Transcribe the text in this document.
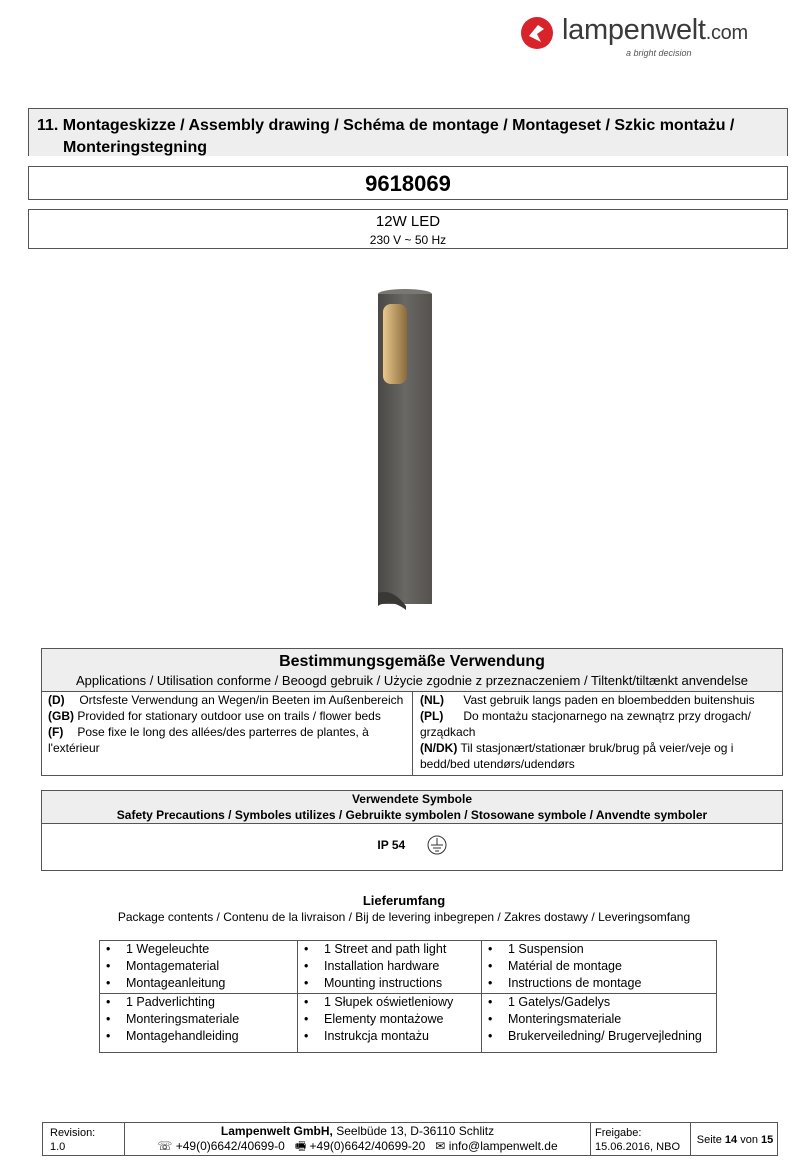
lampenwelt.com
a bright decision
11. Montageskizze / Assembly drawing / Schéma de montage / Montageset / Szkic montażu /
Monteringstegning
9618069
12W LED
230 V ~ 50 Hz
Bestimmungsgemäße Verwendung
Applications / Utilisation conforme / Beoogd gebruik / Użycie zgodnie z przeznaczeniem / Tiltenkt/tiltænkt anvendelse
(D) Ortsfeste Verwendung an Wegen/in Beeten im Außenbereich
(GB) Provided for stationary outdoor use on trails / flower beds
(F) Pose fixe le long des allées/des parterres de plantes, à l'extérieur
(NL) Vast gebruik langs paden en bloembedden buitenshuis
(PL) Do montażu stacjonarnego na zewnątrz przy drogach/ grządkach
(N/DK) Til stasjonært/stationær bruk/brug på veier/veje og i bedd/bed utendørs/udendørs
Verwendete Symbole
Safety Precautions / Symboles utilizes / Gebruikte symbolen / Stosowane symbole / Anvendte symboler
IP 54
Lieferumfang
Package contents / Contenu de la livraison / Bij de levering inbegrepen / Zakres dostawy / Leveringsomfang
• 1 Wegeleuchte
• Montagematerial
• Montageanleitung
• 1 Street and path light
• Installation hardware
• Mounting instructions
• 1 Suspension
• Matérial de montage
• Instructions de montage
• 1 Padverlichting
• Monteringsmateriale
• Montagehandleiding
• 1 Słupek oświetleniowy
• Elementy montażowe
• Instrukcja montażu
• 1 Gatelys/Gadelys
• Monteringsmateriale
• Brukerveiledning/ Brugervejledning
Revision:
1.0
Lampenwelt GmbH, Seelbüde 13, D-36110 Schlitz
☏ +49(0)6642/40699-0 🖷 +49(0)6642/40699-20 ✉ info@lampenwelt.de
Freigabe:
15.06.2016, NBO
Seite 14 von 15
